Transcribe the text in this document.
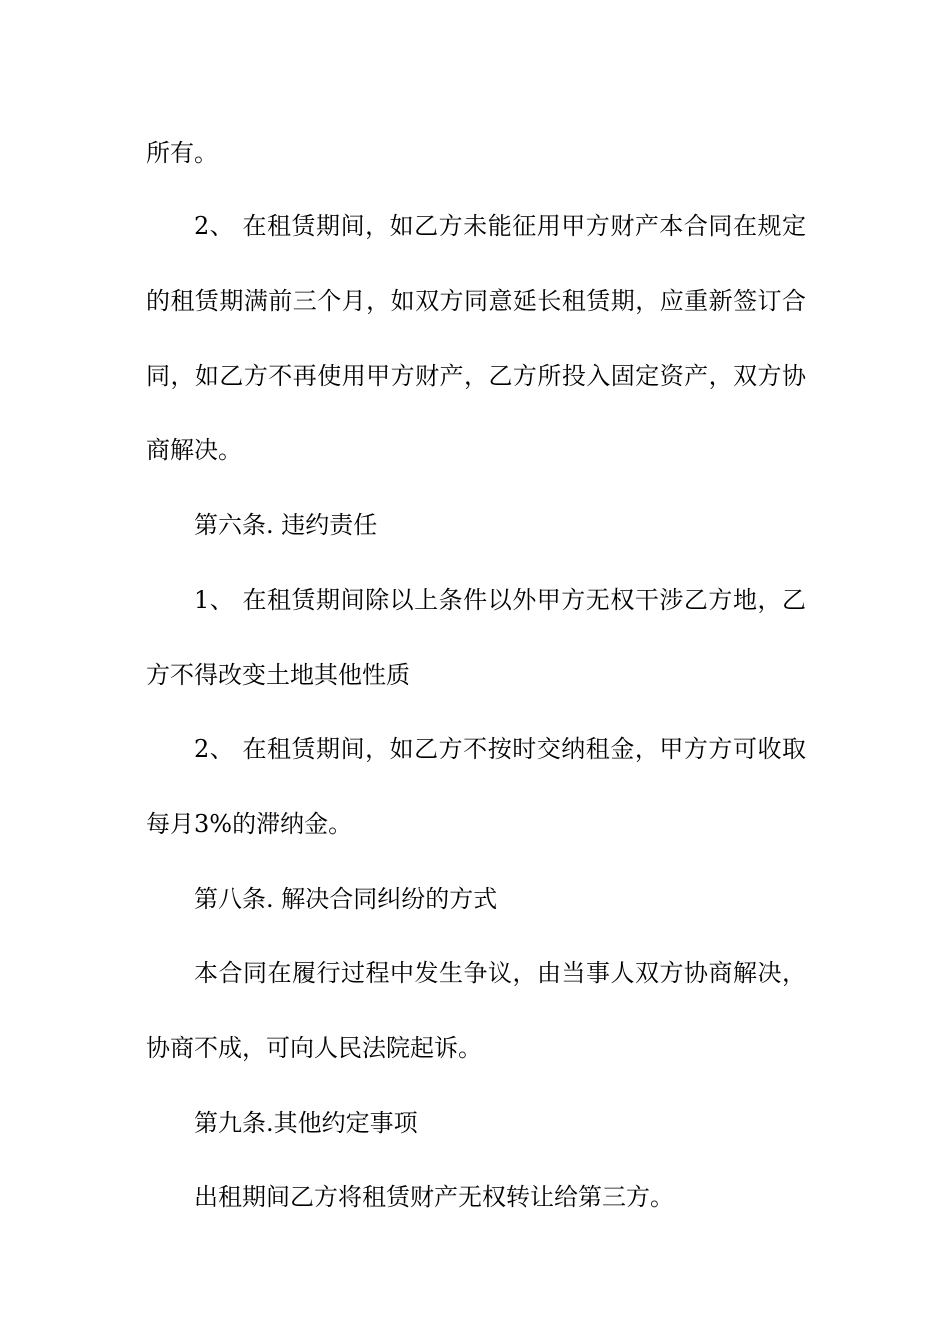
所有。
2、 在租赁期间，如乙方未能征用甲方财产本合同在规定
的租赁期满前三个月，如双方同意延长租赁期，应重新签订合
同，如乙方不再使用甲方财产，乙方所投入固定资产，双方协
商解决。
第六条. 违约责任
1、 在租赁期间除以上条件以外甲方无权干涉乙方地，乙
方不得改变土地其他性质
2、 在租赁期间，如乙方不按时交纳租金，甲方方可收取
每月3%的滞纳金。
第八条. 解决合同纠纷的方式
本合同在履行过程中发生争议，由当事人双方协商解决，
协商不成，可向人民法院起诉。
第九条.其他约定事项
出租期间乙方将租赁财产无权转让给第三方。
